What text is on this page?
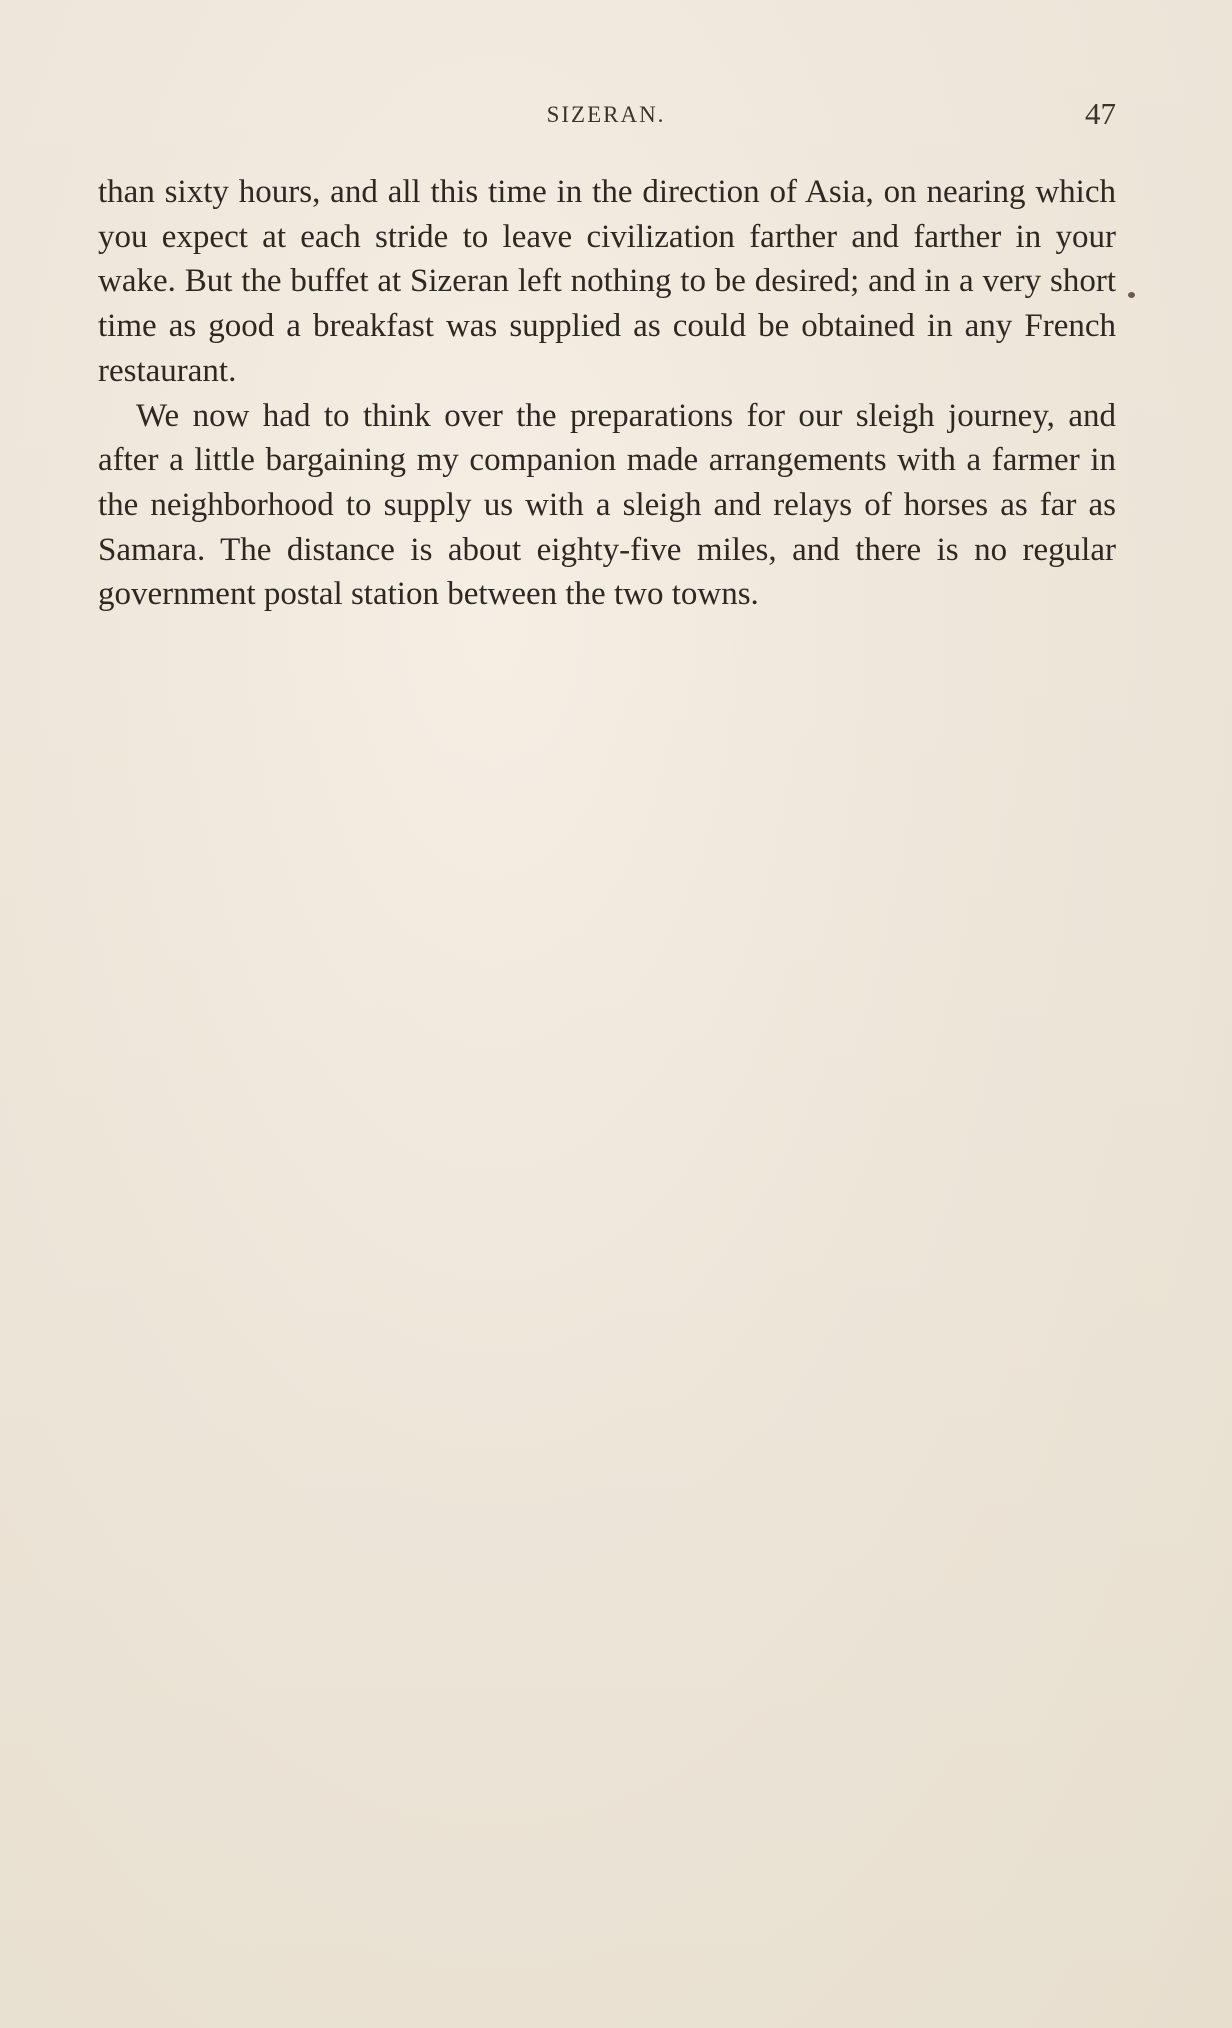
SIZERAN.	47

than sixty hours, and all this time in the direction of Asia, on nearing which you expect at each stride to leave civilization farther and farther in your wake. But the buffet at Sizeran left nothing to be desired; and in a very short time as good a breakfast was supplied as could be obtained in any French restaurant.

We now had to think over the preparations for our sleigh journey, and after a little bargaining my companion made arrangements with a farmer in the neighborhood to supply us with a sleigh and relays of horses as far as Samara. The distance is about eighty-five miles, and there is no regular government postal station between the two towns.
